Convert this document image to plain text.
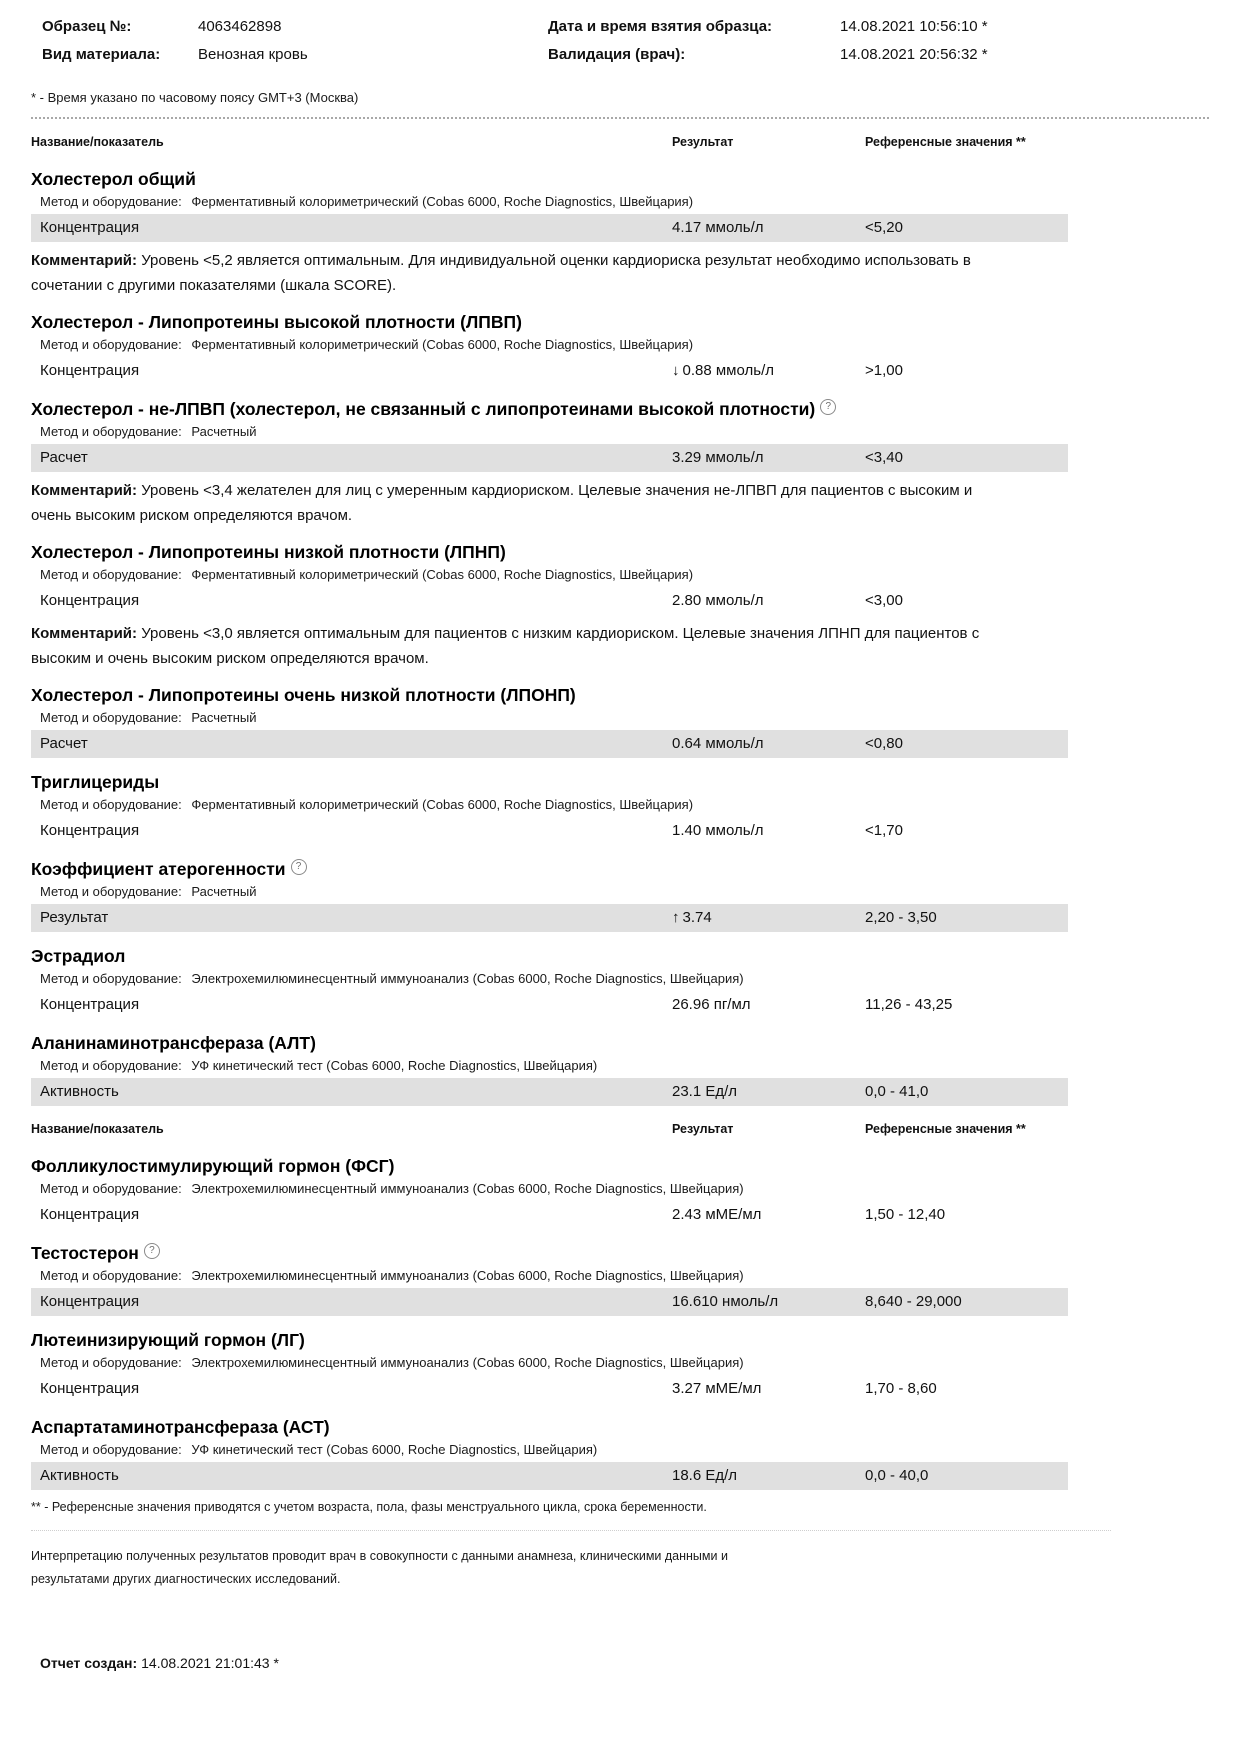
Образец №:	4063462898	Дата и время взятия образца:	14.08.2021 10:56:10 *
Вид материала:	Венозная кровь	Валидация (врач):	14.08.2021 20:56:32 *
* - Время указано по часовому поясу GMT+3 (Москва)
Название/показатель	Результат	Референсные значения **
Холестерол общий
Метод и оборудование: Ферментативный колориметрический (Cobas 6000, Roche Diagnostics, Швейцария)
Концентрация	4.17 ммоль/л	<5,20

Комментарий: Уровень <5,2 является оптимальным. Для индивидуальной оценки кардиориска результат необходимо использовать в сочетании с другими показателями (шкала SCORE).

Холестерол - Липопротеины высокой плотности (ЛПВП)
Метод и оборудование: Ферментативный колориметрический (Cobas 6000, Roche Diagnostics, Швейцария)
Концентрация	↓ 0.88 ммоль/л	>1,00
Холестерол - не-ЛПВП (холестерол, не связанный с липопротеинами высокой плотности) ?
Метод и оборудование: Расчетный
Расчет	3.29 ммоль/л	<3,40

Комментарий: Уровень <3,4 желателен для лиц с умеренным кардиориском. Целевые значения не-ЛПВП для пациентов с высоким и очень высоким риском определяются врачом.

Холестерол - Липопротеины низкой плотности (ЛПНП)
Метод и оборудование: Ферментативный колориметрический (Cobas 6000, Roche Diagnostics, Швейцария)
Концентрация	2.80 ммоль/л	<3,00

Комментарий: Уровень <3,0 является оптимальным для пациентов с низким кардиориском. Целевые значения ЛПНП для пациентов с высоким и очень высоким риском определяются врачом.

Холестерол - Липопротеины очень низкой плотности (ЛПОНП)
Метод и оборудование: Расчетный
Расчет	0.64 ммоль/л	<0,80
Триглицериды
Метод и оборудование: Ферментативный колориметрический (Cobas 6000, Roche Diagnostics, Швейцария)
Концентрация	1.40 ммоль/л	<1,70
Коэффициент атерогенности ?
Метод и оборудование: Расчетный
Результат	↑ 3.74	2,20 - 3,50
Эстрадиол
Метод и оборудование: Электрохемилюминесцентный иммуноанализ (Cobas 6000, Roche Diagnostics, Швейцария)
Концентрация	26.96 пг/мл	11,26 - 43,25
Аланинаминотрансфераза (АЛТ)
Метод и оборудование: УФ кинетический тест (Cobas 6000, Roche Diagnostics, Швейцария)
Активность	23.1 Ед/л	0,0 - 41,0
Название/показатель	Результат	Референсные значения **
Фолликулостимулирующий гормон (ФСГ)
Метод и оборудование: Электрохемилюминесцентный иммуноанализ (Cobas 6000, Roche Diagnostics, Швейцария)
Концентрация	2.43 мМЕ/мл	1,50 - 12,40
Тестостерон ?
Метод и оборудование: Электрохемилюминесцентный иммуноанализ (Cobas 6000, Roche Diagnostics, Швейцария)
Концентрация	16.610 нмоль/л	8,640 - 29,000
Лютеинизирующий гормон (ЛГ)
Метод и оборудование: Электрохемилюминесцентный иммуноанализ (Cobas 6000, Roche Diagnostics, Швейцария)
Концентрация	3.27 мМЕ/мл	1,70 - 8,60
Аспартатаминотрансфераза (АСТ)
Метод и оборудование: УФ кинетический тест (Cobas 6000, Roche Diagnostics, Швейцария)
Активность	18.6 Ед/л	0,0 - 40,0
** - Референсные значения приводятся с учетом возраста, пола, фазы менструального цикла, срока беременности.
Интерпретацию полученных результатов проводит врач в совокупности с данными анамнеза, клиническими данными и результатами других диагностических исследований.
Отчет создан: 14.08.2021 21:01:43 *
